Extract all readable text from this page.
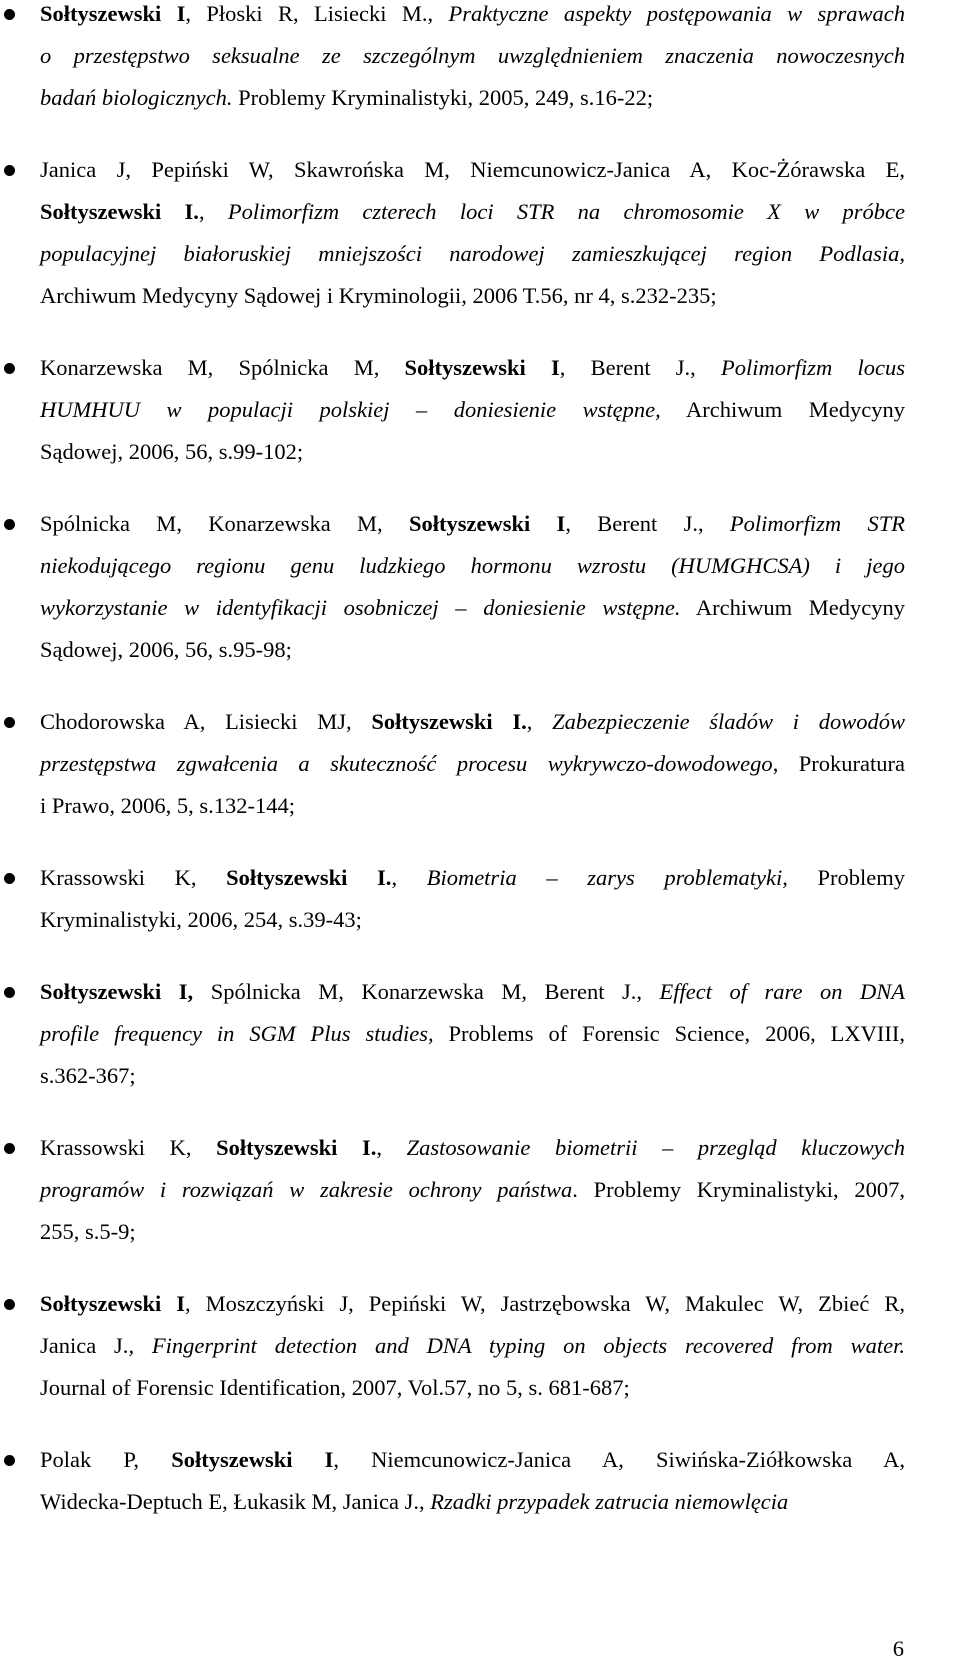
Sołtyszewski I, Płoski R, Lisiecki M., Praktyczne aspekty postępowania w sprawach
o przestępstwo seksualne ze szczególnym uwzględnieniem znaczenia nowoczesnych
badań biologicznych. Problemy Kryminalistyki, 2005, 249, s.16-22;
Janica J, Pepiński W, Skawrońska M, Niemcunowicz-Janica A, Koc-Żórawska E,
Sołtyszewski I., Polimorfizm czterech loci STR na chromosomie X w próbce
populacyjnej białoruskiej mniejszości narodowej zamieszkującej region Podlasia,
Archiwum Medycyny Sądowej i Kryminologii, 2006 T.56, nr 4, s.232-235;
Konarzewska M, Spólnicka M, Sołtyszewski I, Berent J., Polimorfizm locus
HUMHUU w populacji polskiej – doniesienie wstępne, Archiwum Medycyny
Sądowej, 2006, 56, s.99-102;
Spólnicka M, Konarzewska M, Sołtyszewski I, Berent J., Polimorfizm STR
niekodującego regionu genu ludzkiego hormonu wzrostu (HUMGHCSA) i jego
wykorzystanie w identyfikacji osobniczej – doniesienie wstępne. Archiwum Medycyny
Sądowej, 2006, 56, s.95-98;
Chodorowska A, Lisiecki MJ, Sołtyszewski I., Zabezpieczenie śladów i dowodów
przestępstwa zgwałcenia a skuteczność procesu wykrywczo-dowodowego, Prokuratura
i Prawo, 2006, 5, s.132-144;
Krassowski K, Sołtyszewski I., Biometria – zarys problematyki, Problemy
Kryminalistyki, 2006, 254, s.39-43;
Sołtyszewski I, Spólnicka M, Konarzewska M, Berent J., Effect of rare on DNA
profile frequency in SGM Plus studies, Problems of Forensic Science, 2006, LXVIII,
s.362-367;
Krassowski K, Sołtyszewski I., Zastosowanie biometrii – przegląd kluczowych
programów i rozwiązań w zakresie ochrony państwa. Problemy Kryminalistyki, 2007,
255, s.5-9;
Sołtyszewski I, Moszczyński J, Pepiński W, Jastrzębowska W, Makulec W, Zbieć R,
Janica J., Fingerprint detection and DNA typing on objects recovered from water.
Journal of Forensic Identification, 2007, Vol.57, no 5, s. 681-687;
Polak P, Sołtyszewski I, Niemcunowicz-Janica A, Siwińska-Ziółkowska A,
Widecka-Deptuch E, Łukasik M, Janica J., Rzadki przypadek zatrucia niemowlęcia
6
